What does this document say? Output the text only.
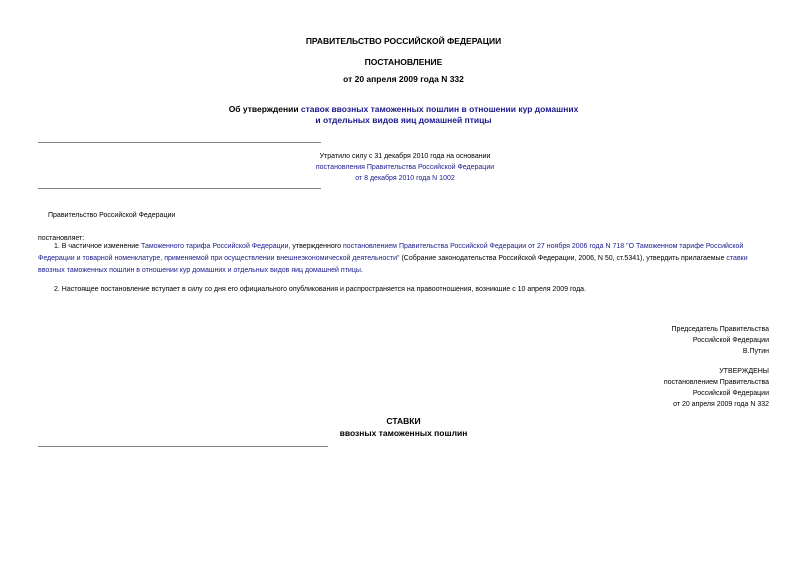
ПРАВИТЕЛЬСТВО РОССИЙСКОЙ ФЕДЕРАЦИИ
ПОСТАНОВЛЕНИЕ
от 20 апреля 2009 года N 332
Об утверждении ставок ввозных таможенных пошлин в отношении кур домашних
и отдельных видов яиц домашней птицы
Утратило силу с 31 декабря 2010 года на основании
постановления Правительства Российской Федерации
от 8 декабря 2010 года N 1002
Правительство Российской Федерации
постановляет:
1. В частичное изменение Таможенного тарифа Российской Федерации, утвержденного постановлением Правительства Российской Федерации от 27 ноября 2006 года N 718 "О Таможенном тарифе Российской Федерации и товарной номенклатуре, применяемой при осуществлении внешнеэкономической деятельности" (Собрание законодательства Российской Федерации, 2006, N 50, ст.5341), утвердить прилагаемые ставки ввозных таможенных пошлин в отношении кур домашних и отдельных видов яиц домашней птицы.
2. Настоящее постановление вступает в силу со дня его официального опубликования и распространяется на правоотношения, возникшие с 10 апреля 2009 года.
Председатель Правительства
Российской Федерации
В.Путин
УТВЕРЖДЕНЫ
постановлением Правительства
Российской Федерации
от 20 апреля 2009 года N 332
СТАВКИ
ввозных таможенных пошлин
